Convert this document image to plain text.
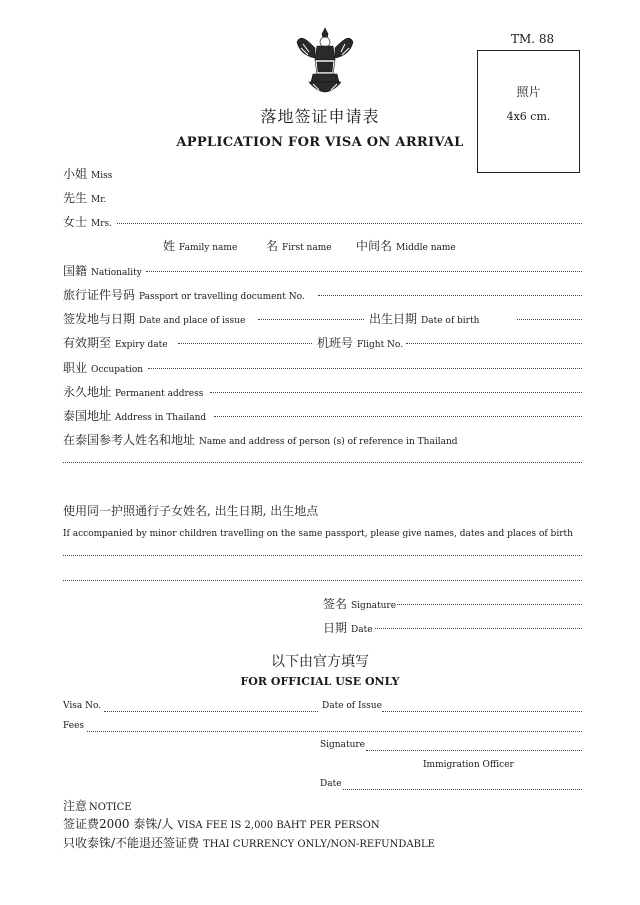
TM. 88
照片
4x6 cm.
落地签证申请表
APPLICATION FOR VISA ON ARRIVAL
小姐 Miss
先生 Mr.
女士 Mrs.
姓 Family name 名 First name 中间名 Middle name
国籍 Nationality
旅行证件号码 Passport or travelling document No.
签发地与日期 Date and place of issue	出生日期 Date of birth
有效期至 Expiry date	机班号 Flight No.
职业 Occupation
永久地址 Permanent address
泰国地址 Address in Thailand
在泰国参考人姓名和地址 Name and address of person (s) of reference in Thailand
使用同一护照通行子女姓名, 出生日期, 出生地点
If accompanied by minor children travelling on the same passport, please give names, dates and places of birth
签名 Signature
日期 Date
以下由官方填写
FOR OFFICIAL USE ONLY
Visa No.	Date of Issue
Fees
Signature
Immigration Officer
Date
注意 NOTICE
签证费2000 泰铢/人 VISA FEE IS 2,000 BAHT PER PERSON
只收泰铢/不能退还签证费 THAI CURRENCY ONLY/NON-REFUNDABLE
